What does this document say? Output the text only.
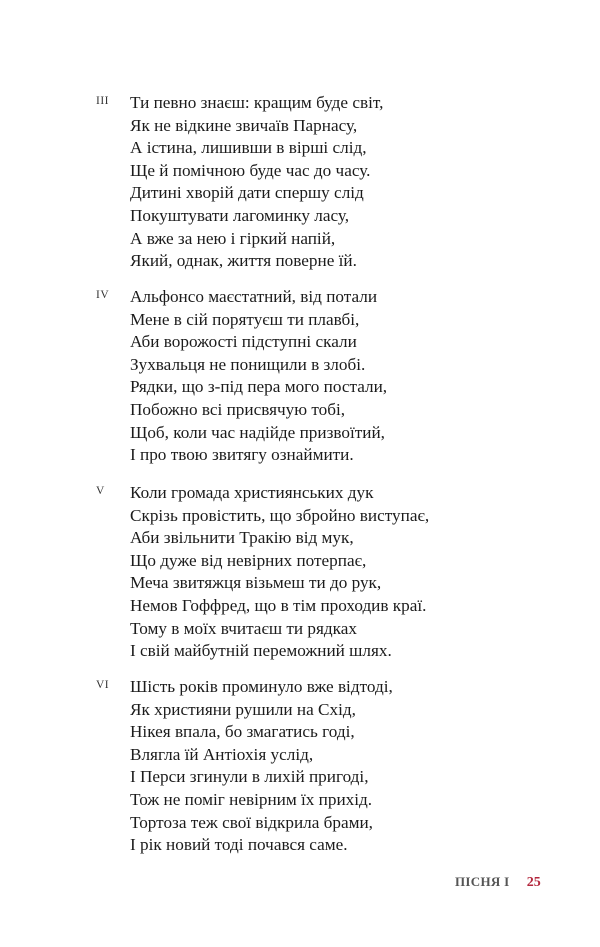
III Ти певно знаєш: кращим буде світ,
Як не відкине звичаїв Парнасу,
А істина, лишивши в вірші слід,
Ще й помічною буде час до часу.
Дитині хворій дати спершу слід
Покуштувати лагоминку ласу,
А вже за нею і гіркий напій,
Який, однак, життя поверне їй.
IV Альфонсо маєстатний, від потали
Мене в сій порятуєш ти плавбі,
Аби ворожості підступні скали
Зухвальця не понищили в злобі.
Рядки, що з-під пера мого постали,
Побожно всі присвячую тобі,
Щоб, коли час надійде призвоїтий,
І про твою звитягу ознаймити.
V Коли громада християнських дук
Скрізь провістить, що збройно виступає,
Аби звільнити Тракію від мук,
Що дуже від невірних потерпає,
Меча звитяжця візьмеш ти до рук,
Немов Гоффред, що в тім проходив краї.
Тому в моїх вчитаєш ти рядках
І свій майбутній переможний шлях.
VI Шість років проминуло вже відтоді,
Як християни рушили на Схід,
Нікея впала, бо змагатись годі,
Влягла їй Антіохія услід,
І Перси згинули в лихій пригоді,
Тож не поміг невірним їх прихід.
Тортоза теж свої відкрила брами,
І рік новий тоді почався саме.
ПІСНЯ I 25
